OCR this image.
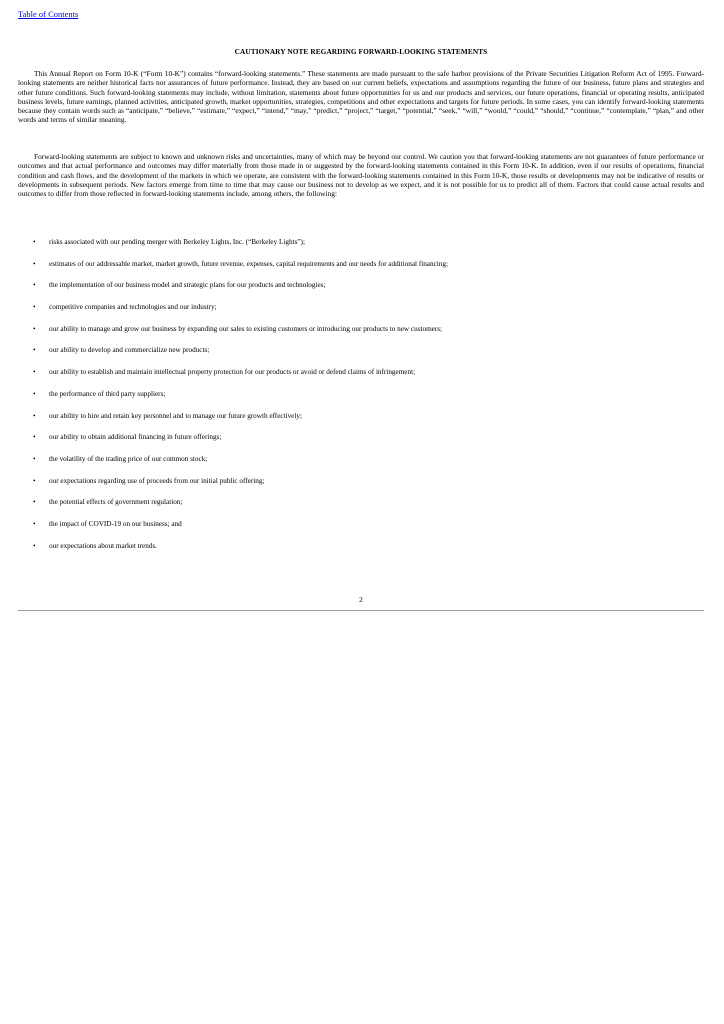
Table of Contents
CAUTIONARY NOTE REGARDING FORWARD-LOOKING STATEMENTS

This Annual Report on Form 10-K (“Form 10-K”) contains “forward-looking statements.” These statements are made pursuant to the safe harbor provisions of the Private Securities Litigation Reform Act of 1995. Forward-looking statements are neither historical facts nor assurances of future performance. Instead, they are based on our current beliefs, expectations and assumptions regarding the future of our business, future plans and strategies and other future conditions. Such forward-looking statements may include, without limitation, statements about future opportunities for us and our products and services, our future operations, financial or operating results, anticipated business levels, future earnings, planned activities, anticipated growth, market opportunities, strategies, competitions and other expectations and targets for future periods. In some cases, you can identify forward-looking statements because they contain words such as “anticipate,” “believe,” “estimate,” “expect,” “intend,” “may,” “predict,” “project,” “target,” “potential,” “seek,” “will,” “would,” “could,” “should,” “continue,” “contemplate,” “plan,” and other words and terms of similar meaning.

Forward-looking statements are subject to known and unknown risks and uncertainties, many of which may be beyond our control. We caution you that forward-looking statements are not guarantees of future performance or outcomes and that actual performance and outcomes may differ materially from those made in or suggested by the forward-looking statements contained in this Form 10-K. In addition, even if our results of operations, financial condition and cash flows, and the development of the markets in which we operate, are consistent with the forward-looking statements contained in this Form 10-K, those results or developments may not be indicative of results or developments in subsequent periods. New factors emerge from time to time that may cause our business not to develop as we expect, and it is not possible for us to predict all of them. Factors that could cause actual results and outcomes to differ from those reflected in forward-looking statements include, among others, the following:

• risks associated with our pending merger with Berkeley Lights, Inc. (“Berkeley Lights”);
• estimates of our addressable market, market growth, future revenue, expenses, capital requirements and our needs for additional financing;
• the implementation of our business model and strategic plans for our products and technologies;
• competitive companies and technologies and our industry;
• our ability to manage and grow our business by expanding our sales to existing customers or introducing our products to new customers;
• our ability to develop and commercialize new products;
• our ability to establish and maintain intellectual property protection for our products or avoid or defend claims of infringement;
• the performance of third party suppliers;
• our ability to hire and retain key personnel and to manage our future growth effectively;
• our ability to obtain additional financing in future offerings;
• the volatility of the trading price of our common stock;
• our expectations regarding use of proceeds from our initial public offering;
• the potential effects of government regulation;
• the impact of COVID-19 on our business; and
• our expectations about market trends.
2
